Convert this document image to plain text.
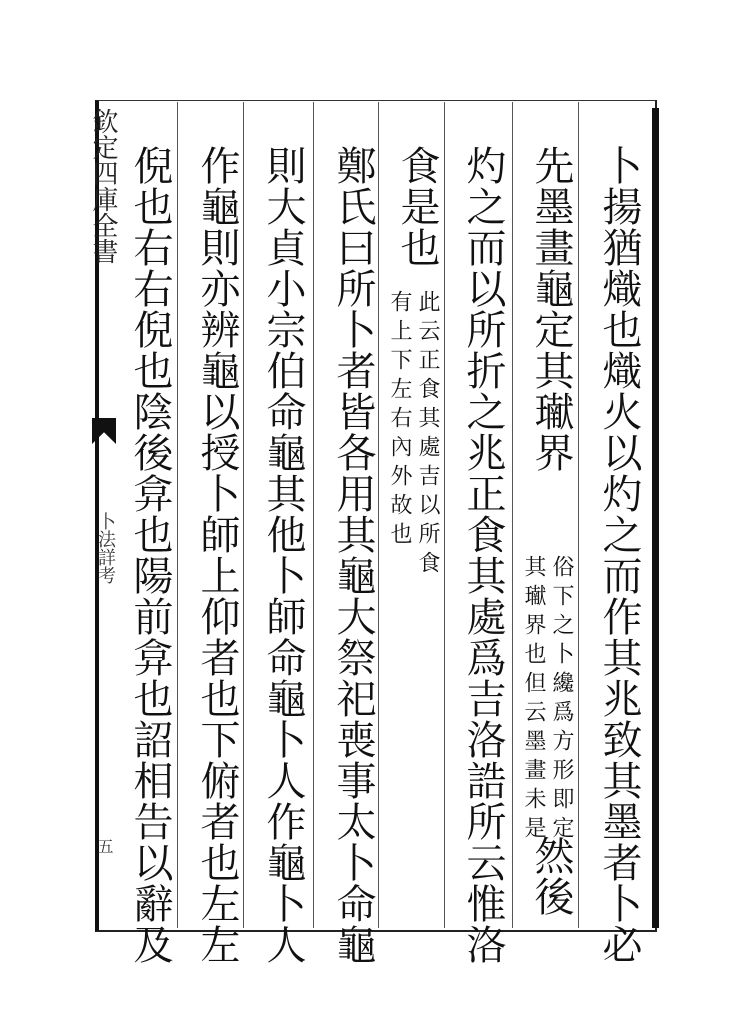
欽定四庫全書
卜法詳考
五	卜揚猶熾也熾火以灼之而作其兆致其墨者卜必
先墨畫龜定其𤩽界
俗下之卜纔爲方形即定
其𤩽界也但云墨畫未是
然後
灼之而以所折之兆正食其處爲吉洛誥所云惟洛
食是也
此云正食其處吉以所食
有上下左右內外故也
鄭氏曰所卜者皆各用其龜大祭祀喪事太卜命龜
則大貞小宗伯命龜其他卜師命龜卜人作龜卜人
作龜則亦辨龜以授卜師上仰者也下俯者也左左
倪也右右倪也陰後弇也陽前弇也詔相告以辭及
